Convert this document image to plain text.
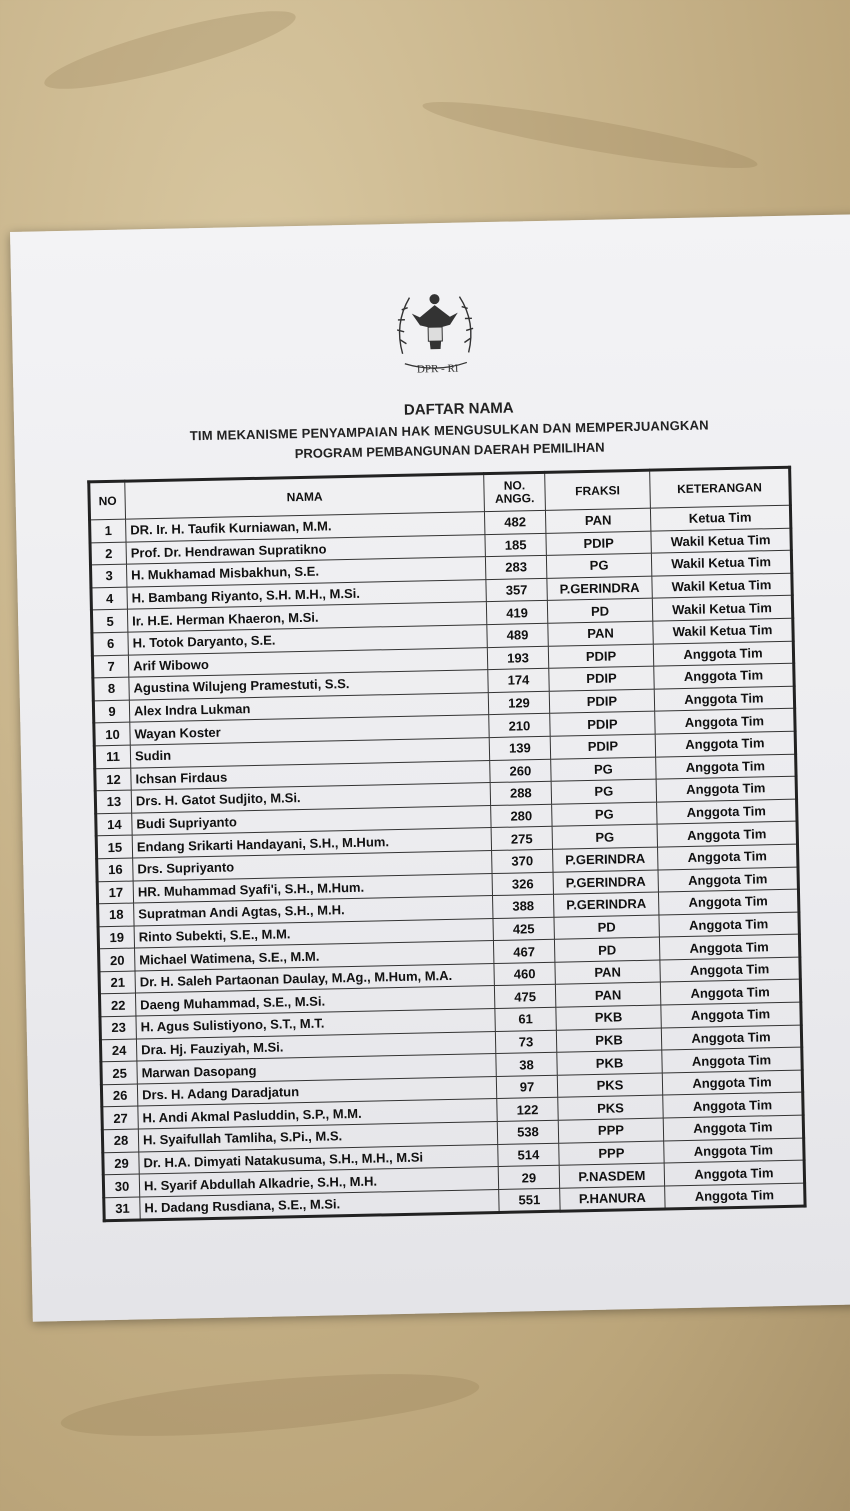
DPR - RI
DAFTAR NAMA
TIM MEKANISME PENYAMPAIAN HAK MENGUSULKAN DAN MEMPERJUANGKAN
PROGRAM PEMBANGUNAN DAERAH PEMILIHAN
NO	NAMA	NO. ANGG.	FRAKSI	KETERANGAN
1	DR. Ir. H. Taufik Kurniawan, M.M.	482	PAN	Ketua Tim
2	Prof. Dr. Hendrawan Supratikno	185	PDIP	Wakil Ketua Tim
3	H. Mukhamad Misbakhun, S.E.	283	PG	Wakil Ketua Tim
4	H. Bambang Riyanto, S.H. M.H., M.Si.	357	P.GERINDRA	Wakil Ketua Tim
5	Ir. H.E. Herman Khaeron, M.Si.	419	PD	Wakil Ketua Tim
6	H. Totok Daryanto, S.E.	489	PAN	Wakil Ketua Tim
7	Arif Wibowo	193	PDIP	Anggota Tim
8	Agustina Wilujeng Pramestuti, S.S.	174	PDIP	Anggota Tim
9	Alex Indra Lukman	129	PDIP	Anggota Tim
10	Wayan Koster	210	PDIP	Anggota Tim
11	Sudin	139	PDIP	Anggota Tim
12	Ichsan Firdaus	260	PG	Anggota Tim
13	Drs. H. Gatot Sudjito, M.Si.	288	PG	Anggota Tim
14	Budi Supriyanto	280	PG	Anggota Tim
15	Endang Srikarti Handayani, S.H., M.Hum.	275	PG	Anggota Tim
16	Drs. Supriyanto	370	P.GERINDRA	Anggota Tim
17	HR. Muhammad Syafi'i, S.H., M.Hum.	326	P.GERINDRA	Anggota Tim
18	Supratman Andi Agtas, S.H., M.H.	388	P.GERINDRA	Anggota Tim
19	Rinto Subekti, S.E., M.M.	425	PD	Anggota Tim
20	Michael Watimena, S.E., M.M.	467	PD	Anggota Tim
21	Dr. H. Saleh Partaonan Daulay, M.Ag., M.Hum, M.A.	460	PAN	Anggota Tim
22	Daeng Muhammad, S.E., M.Si.	475	PAN	Anggota Tim
23	H. Agus Sulistiyono, S.T., M.T.	61	PKB	Anggota Tim
24	Dra. Hj. Fauziyah, M.Si.	73	PKB	Anggota Tim
25	Marwan Dasopang	38	PKB	Anggota Tim
26	Drs. H. Adang Daradjatun	97	PKS	Anggota Tim
27	H. Andi Akmal Pasluddin, S.P., M.M.	122	PKS	Anggota Tim
28	H. Syaifullah Tamliha, S.Pi., M.S.	538	PPP	Anggota Tim
29	Dr. H.A. Dimyati Natakusuma, S.H., M.H., M.Si	514	PPP	Anggota Tim
30	H. Syarif Abdullah Alkadrie, S.H., M.H.	29	P.NASDEM	Anggota Tim
31	H. Dadang Rusdiana, S.E., M.Si.	551	P.HANURA	Anggota Tim
